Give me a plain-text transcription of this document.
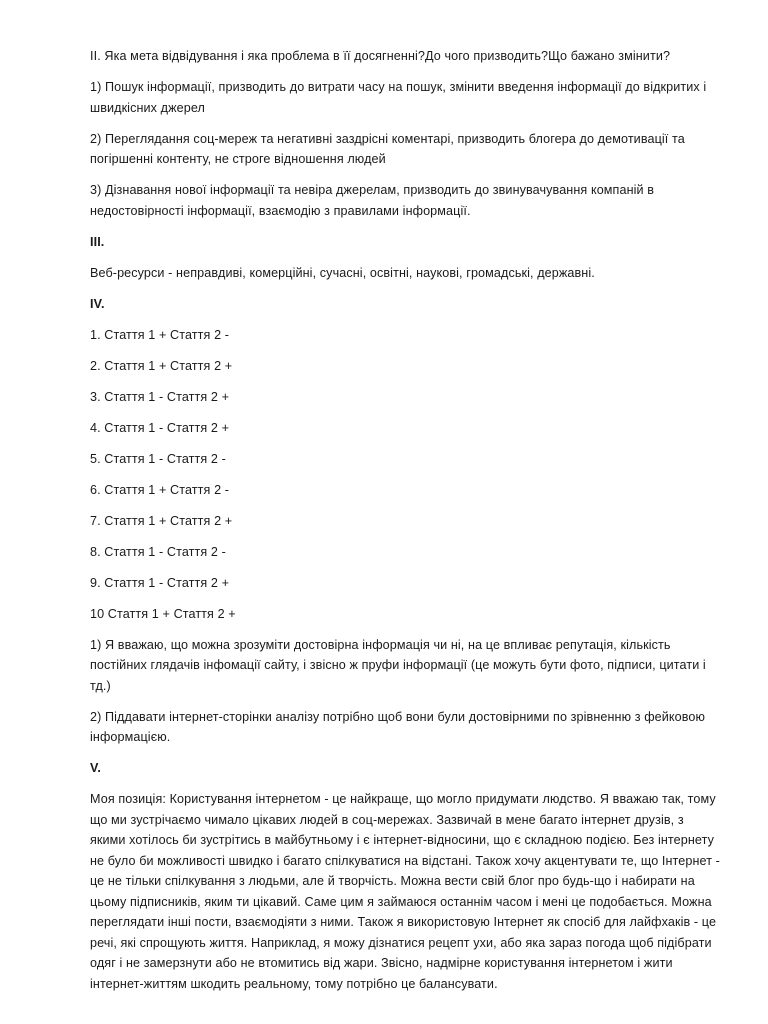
II. Яка мета відвідування і яка проблема в її досягненні?До чого призводить?Що бажано змінити?

1) Пошук інформації, призводить до витрати часу на пошук, змінити введення інформації до відкритих і швидкісних джерел

2) Переглядання соц-мереж та негативні заздрісні коментарі, призводить блогера до демотивації та погіршенні контенту, не строге відношення людей

3) Дізнавання нової інформації та невіра джерелам, призводить до звинувачування компаній в недостовірності інформації, взаємодію з правилами інформації.

III.

Веб-ресурси - неправдиві, комерційні, сучасні, освітні, наукові, громадські, державні.

IV.

1. Стаття 1 + Стаття 2 -

2. Стаття 1 + Стаття 2 +

3. Стаття 1 - Стаття 2 +

4. Стаття 1 - Стаття 2 +

5. Стаття 1 - Стаття 2 -

6. Стаття 1 + Стаття 2 -

7. Стаття 1 + Стаття 2 +

8. Стаття 1 - Стаття 2 -

9. Стаття 1 - Стаття 2 +

10 Стаття 1 + Стаття 2 +

1) Я вважаю, що можна зрозуміти достовірна інформація чи ні, на це впливає репутація, кількість постійних глядачів інфомації сайту, і звісно ж пруфи інформації (це можуть бути фото, підписи, цитати і тд.)

2) Піддавати інтернет-сторінки аналізу потрібно щоб вони були достовірними по зрівненню з фейковою інформацією.

V.

Моя позиція: Користування інтернетом - це найкраще, що могло придумати людство. Я вважаю так, тому що ми зустрічаємо чимало цікавих людей в соц-мережах. Зазвичай в мене багато інтернет друзів, з якими хотілось би зустрітись в майбутньому і є інтернет-відносини, що є складною подією. Без інтернету не було би можливості швидко і багато спілкуватися на відстані. Також хочу акцентувати те, що Інтернет - це не тільки спілкування з людьми, але й творчість. Можна вести свій блог про будь-що і набирати на цьому підписників, яким ти цікавий. Саме цим я займаюся останнім часом і мені це подобається. Можна переглядати інші пости, взаємодіяти з ними. Також я використовую Інтернет як спосіб для лайфхаків - це речі, які спрощують життя. Наприклад, я можу дізнатися рецепт ухи, або яка зараз погода щоб підібрати одяг і не замерзнути або не втомитись від жари. Звісно, надмірне користування інтернетом і жити інтернет-життям шкодить реальному, тому потрібно це балансувати.
